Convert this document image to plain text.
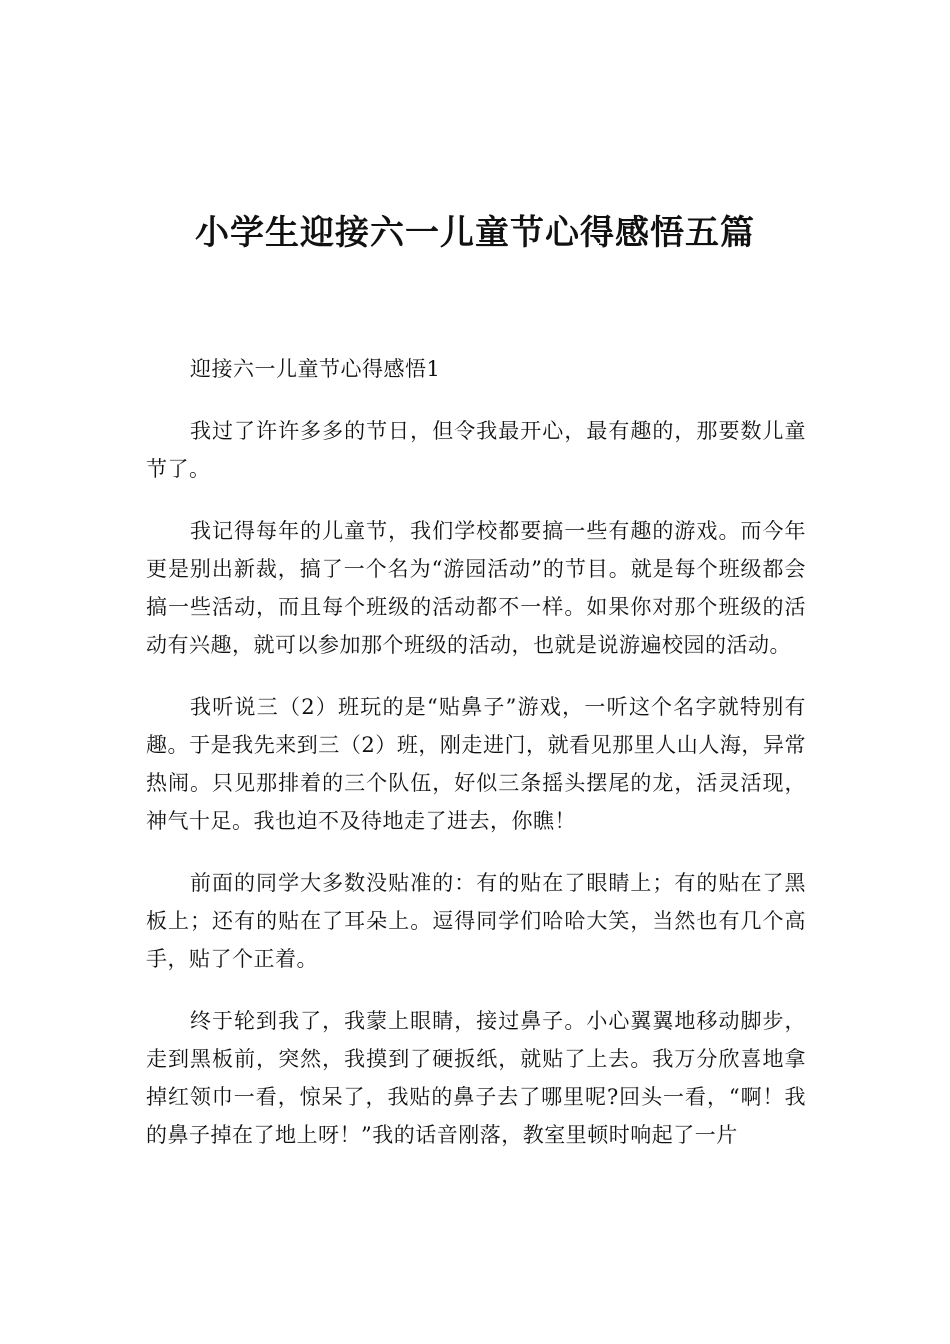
小学生迎接六一儿童节心得感悟五篇

迎接六一儿童节心得感悟1

我过了许许多多的节日，但令我最开心，最有趣的，那要数儿童节了。

我记得每年的儿童节，我们学校都要搞一些有趣的游戏。而今年更是别出新裁，搞了一个名为“游园活动”的节目。就是每个班级都会搞一些活动，而且每个班级的活动都不一样。如果你对那个班级的活动有兴趣，就可以参加那个班级的活动，也就是说游遍校园的活动。

我听说三（2）班玩的是“贴鼻子”游戏，一听这个名字就特别有趣。于是我先来到三（2）班，刚走进门，就看见那里人山人海，异常热闹。只见那排着的三个队伍，好似三条摇头摆尾的龙，活灵活现，神气十足。我也迫不及待地走了进去，你瞧！

前面的同学大多数没贴准的：有的贴在了眼睛上；有的贴在了黑板上；还有的贴在了耳朵上。逗得同学们哈哈大笑，当然也有几个高手，贴了个正着。

终于轮到我了，我蒙上眼睛，接过鼻子。小心翼翼地移动脚步，走到黑板前，突然，我摸到了硬扳纸，就贴了上去。我万分欣喜地拿掉红领巾一看，惊呆了，我贴的鼻子去了哪里呢?回头一看，“啊！我的鼻子掉在了地上呀！”我的话音刚落，教室里顿时响起了一片
